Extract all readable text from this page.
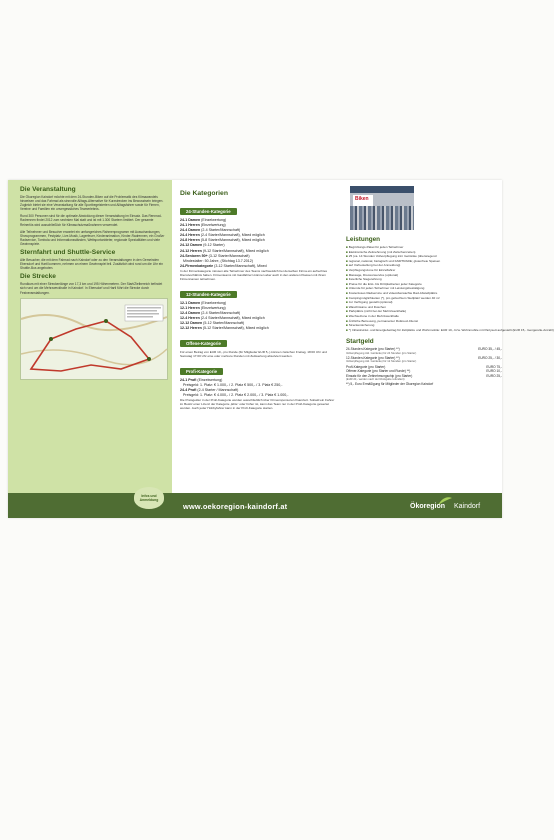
Die Veranstaltung

Die Ökoregion Kaindorf möchte mit dem 24-Stunden-Biken auf die Problematik des Klimawandels hinweisen und das Fahrrad als sinnvolle Alltags-Alternative für Kurzstrecken ins Bewusstsein bringen. Zugleich bietet sie eine Veranstaltung für alle Sportbegeisterten und Alltagsfahrer sowie für Firmen, Vereine und Familien ein unvergessliches Teamerlebnis.

Rund 300 Personen sind für die optimale Abwicklung dieser Veranstaltung im Einsatz. Das Rennrad-Radrennen findet 2012 zum sechsten Mal statt und ist mit 1.300 Startern limitiert. Der gesamte Reinerlös wird ausschließlich für Klimaschutzmaßnahmen verwendet.

Alle Teilnehmer und Besucher erwartet ein umfangreiches Rahmenprogramm mit Ausschankungen, Showprogrammen, Festplatz, Live-Musik, Lagerfeuer, Kinderanimation, Kinder-Radrennen, ein Großer Radservice, Tombola und Informationsständen, Wettsportanbieter, regionale Spezialitäten und viele Gewinnspiele.

Sternfahrt und Shuttle-Service

Alle Besucher, die mit dem Fahrrad nach Kaindorf oder zu den Veranstaltungen in den Gemeinden Ebersdorf und Hartl kommen, nehmen an einem Gewinnspiel teil. Zusätzlich wird rund um die Uhr ein Shuttle-Bus angeboten.

Die Strecke

Rundkurs mit einer Streckenlänge von 17,3 km und 195 Höhenmetern. Der Start/Zielbereich befindet sich rund um die Mehrzweckhalle in Kaindorf. In Ebersdorf und Hartl führt die Strecke durch Festveranstaltungen.

Die Kategorien
24-Stunden-Kategorie
24-1 Damen (Einzelwertung)
24-1 Herren (Einzelwertung)
24-4 Damen (2-4 Starter/Mannschaft)
24-4 Herren (2-4 Starter/Mannschaft), Mixed möglich
24-8 Herren (5-8 Starter/Mannschaft), Mixed möglich
24-12 Damen (9-12 Starter)
24-12 Herren (9-12 Starter/Mannschaft), Mixed möglich
24-Senioren 50+ (3-12 Starter/Mannschaft)
Mindestalter: 50 Jahre, (Stichtag 13.7.2012)
24-Firmenkategorie (3-12 Starter/Mannschaft), Mixed

In der Firmenkategorie müssen alle Teilnehmer des Teams nachweislich bei derselben Firma ein aufrechtes Dienstverhältnis haben. Firmenteams mit Gastfahrern können aber auch in den anderen Klassen mit ihrem Firmennamen teilnehmen.

12-Stunden-Kategorie
12-1 Damen (Einzelwertung)
12-1 Herren (Einzelwertung)
12-4 Damen (2-4 Starter/Mannschaft)
12-4 Herren (2-4 Starter/Mannschaft), Mixed möglich
12-12 Damen (5-12 Starter/Mannschaft)
12-12 Herren (5-12 Starter/Mannschaft), Mixed möglich
Offene-Kategorie

Für einen Betrag von EUR 10,- pro Runde (für Mitglieder EUR 5,-) können zwischen Freitag, 18:00 Uhr und Samstag 17:00 Uhr eine oder mehrere Runden mit Zeitwertung absolviert werden.

Profi-Kategorie
24-1 Profi (Einzelwertung)
Preisgeld: 1. Platz: € 1.000,- / 2. Platz € 500,- / 3. Platz € 250,-
24-4 Profi (2-4 Starter / Mannschaft)
Preisgeld: 1. Platz: € 4.000,- / 2. Platz € 2.000,- / 3. Platz € 1.000,-

Die Preisgelder in der Profi-Kategorie werden ausschließlich über Firmensponsoren finanziert. Sobald ein Fahrer im Besitz einer Lizenz der Kategorie „Elite“ oder höher ist, kann das Team nur in der Profi-Kategorie gewertet werden. Auch jeder Hobbyfahrer kann in der Profi-Kategorie starten.

Biken
Leistungen
■ Begrüßungs-Paket für jeden Teilnehmer
■ Elektronische Zeitnehmung (mit Zwischenzeiten)
■ 25 (ca. 14 Stunden Vollverpflegung inkl. Getränke (überwiegend
■ regional, national, biologisch und FAIRTRADE; glutenfreie Speisen
■ auf Vorbestellung bei der Anmeldung)
■ Verpflegungszone für Einzelfahrer
■ Massage, Dressunservice (optional)
■ Feierliche Siegerehrung
■ Preise für die Erst- bis Drittplatzierten jeder Kategorie
■ Urkunde für jeden Teilnehmer mit Leistungsbestätigung
■ Kostenloses Radservice und videoüberwachte Rad-Abstellplätze
■ Campingmöglichkeiten (*), pro gebuchtem Stellplatz werden 40 m²
■ zur Verfügung gestellt (optional)
■ Waschräume und Duschen
■ Parkplätze (nicht bei der Mehrzweckhalle)
■ Wechselzone in der Mehrzweckhalle
■ Ärztliche Betreuung, permanenter Rotkreuz-Dienst
■ Streckensicherung
■ *) Infrastruktur- und Energiebeitrag für Zeltplätze und Wohnmobile: EUR 10,- bzw. Wohnmobile mit Partysett aufgestellt (EUR 15,- Gengerelle-Anzahl)
Startgeld
24-Stunden-Kategorie (pro Starter) **)	EURO 35,- / 45,-
Vollverpflegung inkl. Getränke) für 24 Stunden (pro Starter)
12-Stunden-Kategorie (pro Starter) **)	EURO 25,- / 30,-
Vollverpflegung inkl. Getränke) für 12 Stunden (pro Starter)
Profi-Kategorie (pro Starter)	EURO 75,-
Offener-Kategorie (pro Starter und Runde) **)	EURO 10,-
Einsatz für den Zeitnehmungschip (pro Starter)	EURO 25,-
(EUR 20,- werden nach der Rückgabe refundiert)
**) 5,- Euro Ermäßigung für Mitglieder der Ökoregion Kaindorf
Infos und
Anmeldung
www.oekoregion-kaindorf.at	Ökoregion Kaindorf
